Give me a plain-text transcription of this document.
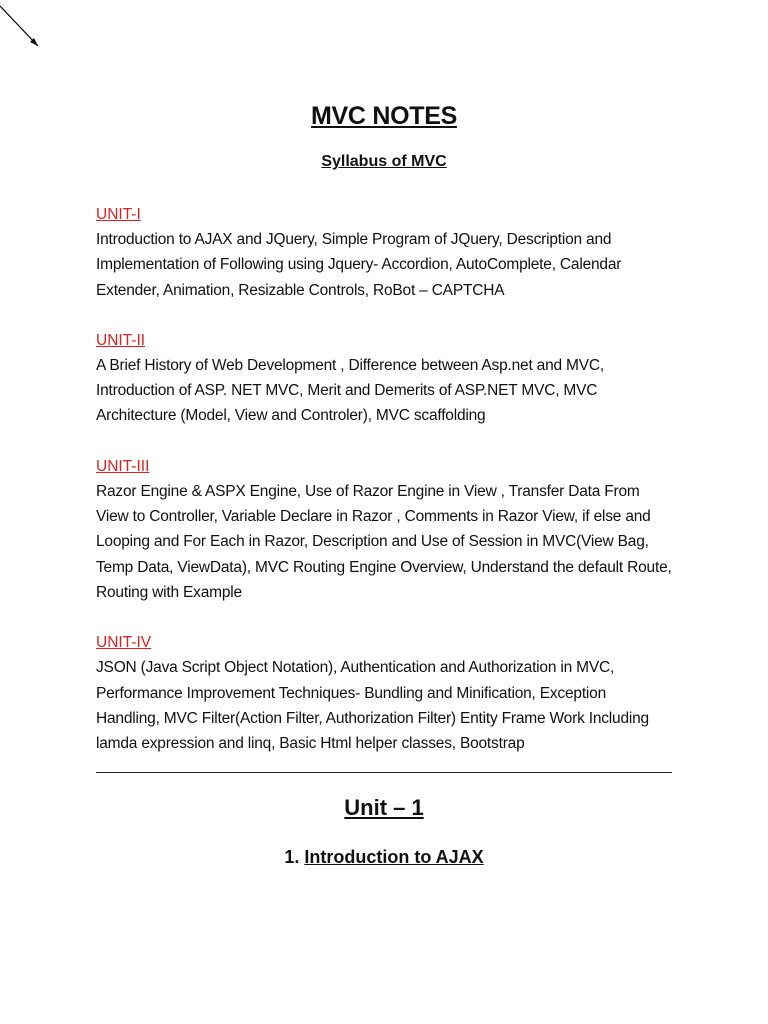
MVC NOTES
Syllabus of MVC
UNIT-I
Introduction to AJAX and JQuery, Simple Program of JQuery, Description and Implementation of Following using Jquery- Accordion, AutoComplete, Calendar Extender, Animation, Resizable Controls, RoBot – CAPTCHA
UNIT-II
A Brief History of Web Development , Difference between Asp.net and MVC, Introduction of ASP. NET MVC, Merit and Demerits of ASP.NET MVC, MVC Architecture (Model, View and Controler), MVC scaffolding
UNIT-III
Razor Engine & ASPX Engine, Use of Razor Engine in View , Transfer Data From View to Controller, Variable Declare in Razor , Comments in Razor View, if else and Looping and For Each in Razor, Description and Use of Session in MVC(View Bag, Temp Data, ViewData), MVC Routing Engine Overview, Understand the default Route, Routing with Example
UNIT-IV
JSON (Java Script Object Notation), Authentication and Authorization in MVC, Performance Improvement Techniques- Bundling and Minification, Exception Handling, MVC Filter(Action Filter, Authorization Filter) Entity Frame Work Including lamda expression and linq, Basic Html helper classes, Bootstrap
Unit – 1
1. Introduction to AJAX
